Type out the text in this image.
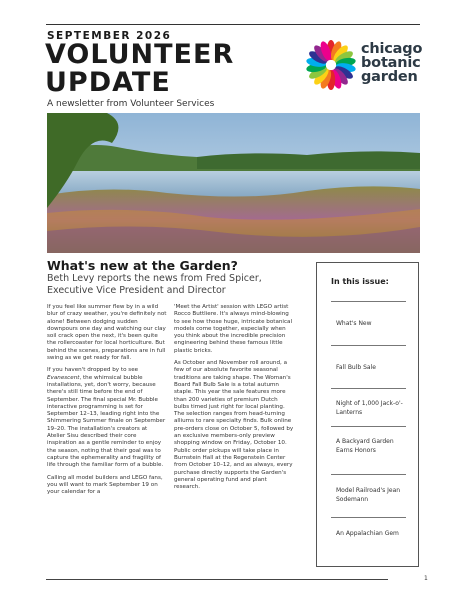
SEPTEMBER 2026
VOLUNTEER UPDATE
A newsletter from Volunteer Services
chicago
botanic
garden
What's new at the Garden?
Beth Levy reports the news from Fred Spicer, Executive Vice President and Director

If you feel like summer flew by in a wild blur of crazy weather, you're definitely not alone! Between dodging sudden downpours one day and watching our clay soil crack open the next, it's been quite the rollercoaster for local horticulture. But behind the scenes, preparations are in full swing as we get ready for fall.

If you haven't dropped by to see Evanescent, the whimsical bubble installations, yet, don't worry, because there's still time before the end of September. The final special Mr. Bubble interactive programming is set for September 12–13, leading right into the Shimmering Summer finale on September 19–20. The installation's creators at Atelier Sisu described their core inspiration as a gentle reminder to enjoy the season, noting that their goal was to capture the ephemerality and fragility of life through the familiar form of a bubble.

Calling all model builders and LEGO fans, you will want to mark September 19 on your calendar for a

'Meet the Artist' session with LEGO artist Rocco Buttliere. It's always mind-blowing to see how those huge, intricate botanical models come together, especially when you think about the incredible precision engineering behind these famous little plastic bricks.

As October and November roll around, a few of our absolute favorite seasonal traditions are taking shape. The Woman's Board Fall Bulb Sale is a total autumn staple. This year the sale features more than 200 varieties of premium Dutch bulbs timed just right for local planting. The selection ranges from head-turning alliums to rare specialty finds. Bulk online pre-orders close on October 5, followed by an exclusive members-only preview shopping window on Friday, October 10. Public order pickups will take place in Burnstein Hall at the Regenstein Center from October 10–12, and as always, every purchase directly supports the Garden's general operating fund and plant research.

In this issue:
What's New
Fall Bulb Sale
Night of 1,000 Jack-o'-Lanterns
A Backyard Garden Earns Honors
Model Railroad's Jean Sodemann
An Appalachian Gem
1
